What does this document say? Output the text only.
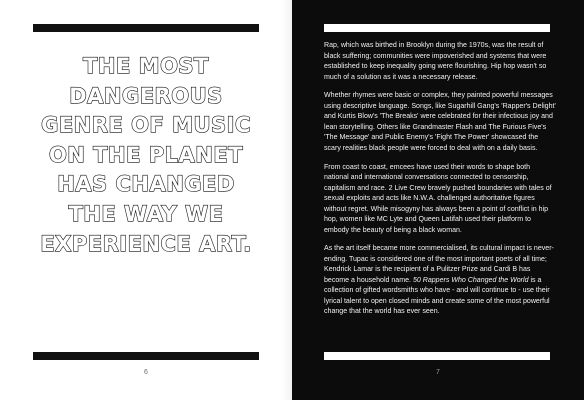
THE MOST DANGEROUS GENRE OF MUSIC ON THE PLANET HAS CHANGED THE WAY WE EXPERIENCE ART.
6

Rap, which was birthed in Brooklyn during the 1970s, was the result of black suffering; communities were impoverished and systems that were established to keep inequality going were flourishing. Hip hop wasn't so much of a solution as it was a necessary release.

Whether rhymes were basic or complex, they painted powerful messages using descriptive language. Songs, like Sugarhill Gang's 'Rapper's Delight' and Kurtis Blow's 'The Breaks' were celebrated for their infectious joy and lean storytelling. Others like Grandmaster Flash and The Furious Five's 'The Message' and Public Enemy's 'Fight The Power' showcased the scary realities black people were forced to deal with on a daily basis.

From coast to coast, emcees have used their words to shape both national and international conversations connected to censorship, capitalism and race. 2 Live Crew bravely pushed boundaries with tales of sexual exploits and acts like N.W.A. challenged authoritative figures without regret. While misogyny has always been a point of conflict in hip hop, women like MC Lyte and Queen Latifah used their platform to embody the beauty of being a black woman.

As the art itself became more commercialised, its cultural impact is never-ending. Tupac is considered one of the most important poets of all time; Kendrick Lamar is the recipient of a Pulitzer Prize and Cardi B has become a household name. 50 Rappers Who Changed the World is a collection of gifted wordsmiths who have - and will continue to - use their lyrical talent to open closed minds and create some of the most powerful change that the world has ever seen.

7
